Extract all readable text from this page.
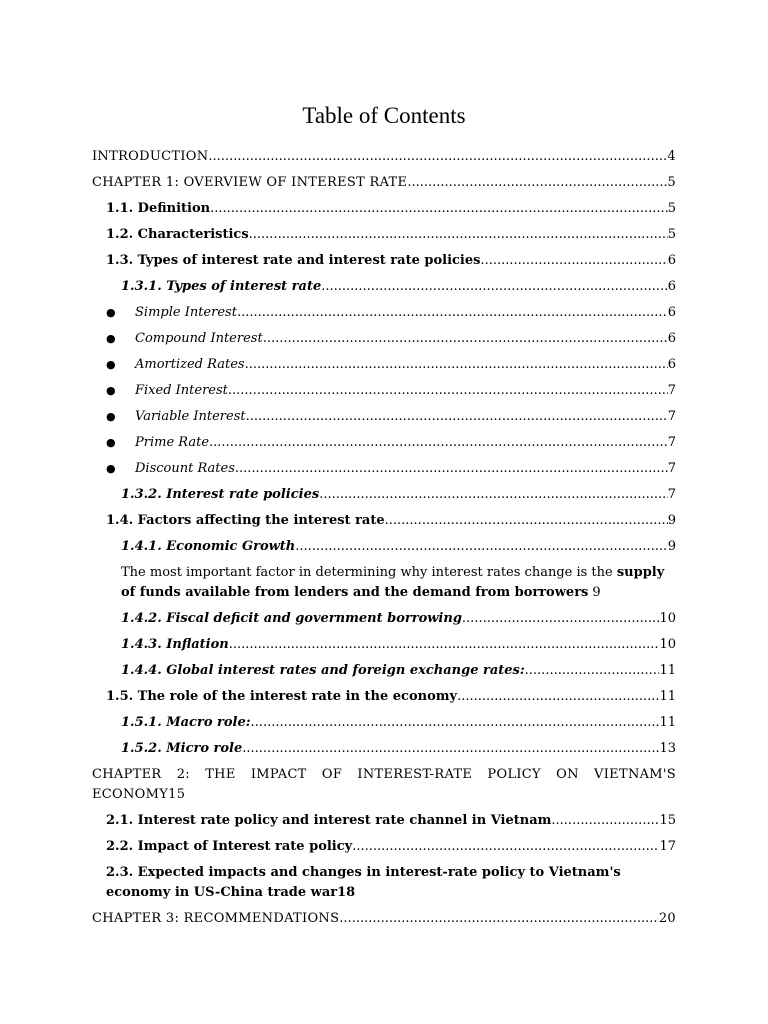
Table of Contents
INTRODUCTION .....	4
CHAPTER 1: OVERVIEW OF INTEREST RATE .....	5
1.1. Definition .....	5
1.2. Characteristics .....	5
1.3. Types of interest rate and interest rate policies .....	6
1.3.1. Types of interest rate .....	6
● Simple Interest .....	6
● Compound Interest .....	6
● Amortized Rates .....	6
● Fixed Interest .....	7
● Variable Interest .....	7
● Prime Rate .....	7
● Discount Rates .....	7
1.3.2. Interest rate policies .....	7
1.4. Factors affecting the interest rate .....	9
1.4.1. Economic Growth .....	9
The most important factor in determining why interest rates change is the supply
of funds available from lenders and the demand from borrowers 9
1.4.2. Fiscal deficit and government borrowing .....	10
1.4.3. Inflation .....	10
1.4.4. Global interest rates and foreign exchange rates: .....	11
1.5. The role of the interest rate in the economy .....	11
1.5.1. Macro role: .....	11
1.5.2. Micro role .....	13
CHAPTER 2: THE IMPACT OF INTEREST-RATE POLICY ON VIETNAM'S
ECONOMY 15
2.1. Interest rate policy and interest rate channel in Vietnam .....	15
2.2. Impact of Interest rate policy .....	17
2.3. Expected impacts and changes in interest-rate policy to Vietnam's
economy in US-China trade war 18
CHAPTER 3: RECOMMENDATIONS .....	20
